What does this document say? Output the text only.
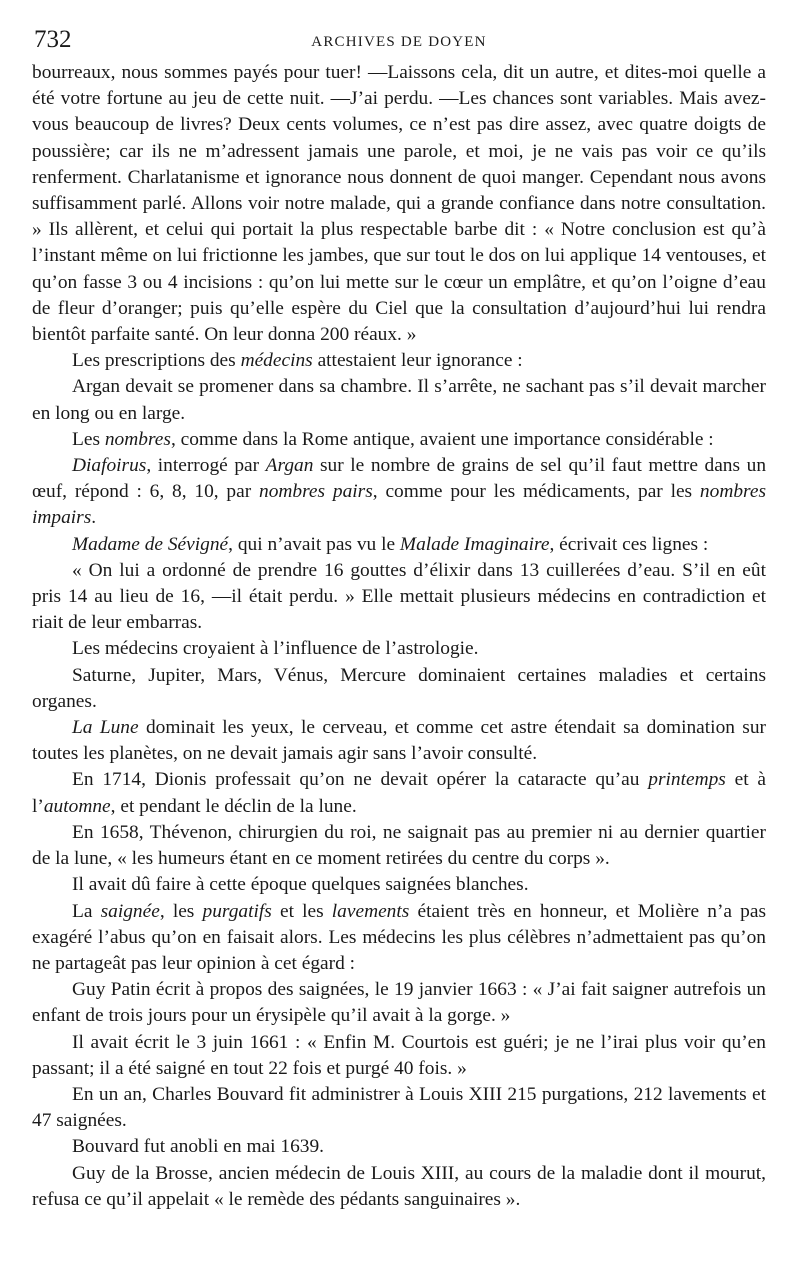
732	ARCHIVES DE DOYEN

bourreaux, nous sommes payés pour tuer! —Laissons cela, dit un autre, et dites-moi quelle a été votre fortune au jeu de cette nuit. —J’ai perdu. —Les chances sont variables. Mais avez-vous beaucoup de livres? Deux cents volumes, ce n’est pas dire assez, avec quatre doigts de poussière; car ils ne m’adressent jamais une parole, et moi, je ne vais pas voir ce qu’ils renferment. Charlatanisme et ignorance nous donnent de quoi manger. Cependant nous avons suffisamment parlé. Allons voir notre malade, qui a grande confiance dans notre consultation. » Ils allèrent, et celui qui portait la plus respectable barbe dit : « Notre conclusion est qu’à l’instant même on lui frictionne les jambes, que sur tout le dos on lui applique 14 ventouses, et qu’on fasse 3 ou 4 incisions : qu’on lui mette sur le cœur un emplâtre, et qu’on l’oigne d’eau de fleur d’oranger; puis qu’elle espère du Ciel que la consultation d’aujourd’hui lui rendra bientôt parfaite santé. On leur donna 200 réaux. »

Les prescriptions des médecins attestaient leur ignorance :

Argan devait se promener dans sa chambre. Il s’arrête, ne sachant pas s’il devait marcher en long ou en large.

Les nombres, comme dans la Rome antique, avaient une importance considérable :

Diafoirus, interrogé par Argan sur le nombre de grains de sel qu’il faut mettre dans un œuf, répond : 6, 8, 10, par nombres pairs, comme pour les médicaments, par les nombres impairs.

Madame de Sévigné, qui n’avait pas vu le Malade Imaginaire, écrivait ces lignes :

« On lui a ordonné de prendre 16 gouttes d’élixir dans 13 cuillerées d’eau. S’il en eût pris 14 au lieu de 16, —il était perdu. » Elle mettait plusieurs médecins en contradiction et riait de leur embarras.

Les médecins croyaient à l’influence de l’astrologie.

Saturne, Jupiter, Mars, Vénus, Mercure dominaient certaines maladies et certains organes.

La Lune dominait les yeux, le cerveau, et comme cet astre étendait sa domination sur toutes les planètes, on ne devait jamais agir sans l’avoir consulté.

En 1714, Dionis professait qu’on ne devait opérer la cataracte qu’au printemps et à l’automne, et pendant le déclin de la lune.

En 1658, Thévenon, chirurgien du roi, ne saignait pas au premier ni au dernier quartier de la lune, « les humeurs étant en ce moment retirées du centre du corps ».

Il avait dû faire à cette époque quelques saignées blanches.

La saignée, les purgatifs et les lavements étaient très en honneur, et Molière n’a pas exagéré l’abus qu’on en faisait alors. Les médecins les plus célèbres n’admettaient pas qu’on ne partageât pas leur opinion à cet égard :

Guy Patin écrit à propos des saignées, le 19 janvier 1663 : « J’ai fait saigner autrefois un enfant de trois jours pour un érysipèle qu’il avait à la gorge. »

Il avait écrit le 3 juin 1661 : « Enfin M. Courtois est guéri; je ne l’irai plus voir qu’en passant; il a été saigné en tout 22 fois et purgé 40 fois. »

En un an, Charles Bouvard fit administrer à Louis XIII 215 purgations, 212 lavements et 47 saignées.

Bouvard fut anobli en mai 1639.

Guy de la Brosse, ancien médecin de Louis XIII, au cours de la maladie dont il mourut, refusa ce qu’il appelait « le remède des pédants sanguinaires ».
